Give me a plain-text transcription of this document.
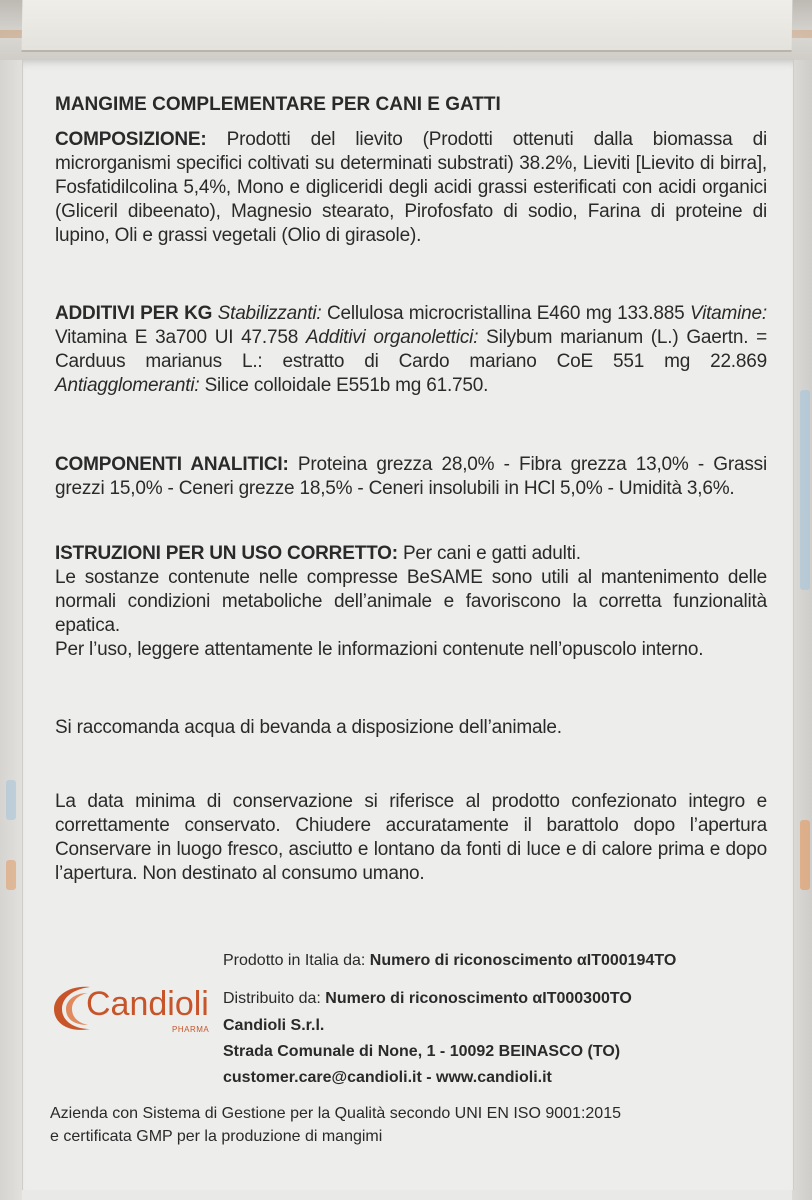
MANGIME COMPLEMENTARE PER CANI E GATTI

COMPOSIZIONE: Prodotti del lievito (Prodotti ottenuti dalla biomassa di microrganismi specifici coltivati su determinati substrati) 38.2%, Lieviti [Lievito di birra], Fosfatidilcolina 5,4%, Mono e digliceridi degli acidi grassi esterificati con acidi organici (Gliceril dibeenato), Magnesio stearato, Pirofosfato di sodio, Farina di proteine di lupino, Oli e grassi vegetali (Olio di girasole).

ADDITIVI PER KG Stabilizzanti: Cellulosa microcristallina E460 mg 133.885 Vitamine: Vitamina E 3a700 UI 47.758 Additivi organolettici: Silybum marianum (L.) Gaertn. = Carduus marianus L.: estratto di Cardo mariano CoE 551 mg 22.869 Antiagglomeranti: Silice colloidale E551b mg 61.750.

COMPONENTI ANALITICI: Proteina grezza 28,0% - Fibra grezza 13,0% - Grassi grezzi 15,0% - Ceneri grezze 18,5% - Ceneri insolubili in HCl 5,0% - Umidità 3,6%.

ISTRUZIONI PER UN USO CORRETTO: Per cani e gatti adulti.

Le sostanze contenute nelle compresse BeSAME sono utili al mantenimento delle normali condizioni metaboliche dell’animale e favoriscono la corretta funzionalità epatica.

Per l’uso, leggere attentamente le informazioni contenute nell’opuscolo interno.

Si raccomanda acqua di bevanda a disposizione dell’animale.

La data minima di conservazione si riferisce al prodotto confezionato integro e correttamente conservato. Chiudere accuratamente il barattolo dopo l’apertura Conservare in luogo fresco, asciutto e lontano da fonti di luce e di calore prima e dopo l’apertura. Non destinato al consumo umano.

Prodotto in Italia da: Numero di riconoscimento αIT000194TO
Distribuito da: Numero di riconoscimento αIT000300TO
Candioli S.r.l.
Strada Comunale di None, 1 - 10092 BEINASCO (TO)
customer.care@candioli.it - www.candioli.it
Candioli
PHARMA
Azienda con Sistema di Gestione per la Qualità secondo UNI EN ISO 9001:2015
e certificata GMP per la produzione di mangimi
